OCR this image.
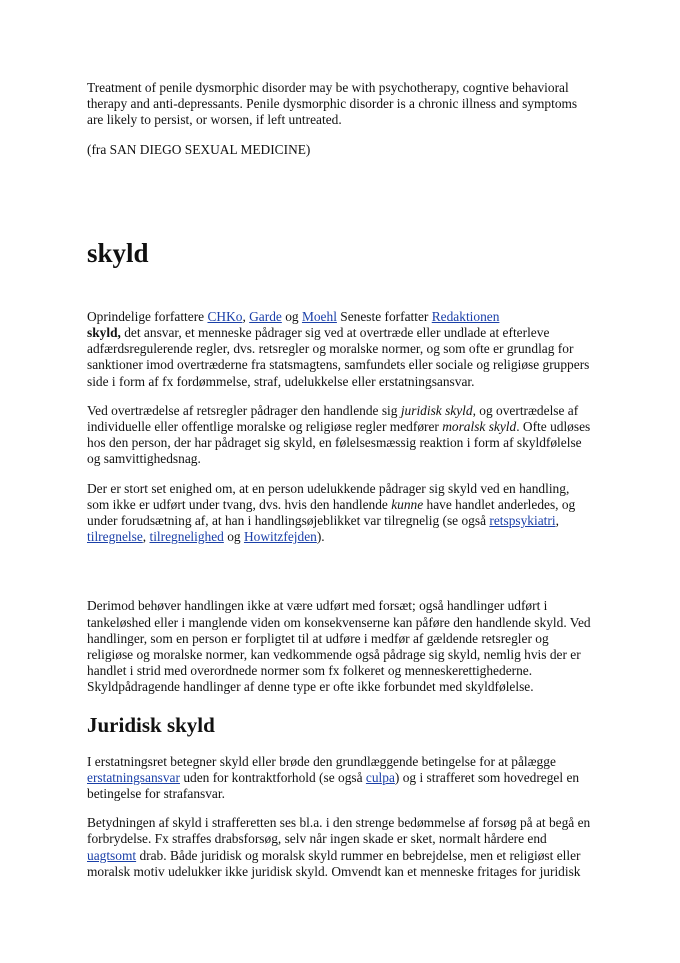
Treatment of penile dysmorphic disorder may be with psychotherapy, cogntive behavioral therapy and anti-depressants. Penile dysmorphic disorder is a chronic illness and symptoms are likely to persist, or worsen, if left untreated.

(fra SAN DIEGO SEXUAL MEDICINE)

skyld

Oprindelige forfattere CHKo, Garde og Moehl Seneste forfatter Redaktionen

skyld, det ansvar, et menneske pådrager sig ved at overtræde eller undlade at efterleve adfærdsregulerende regler, dvs. retsregler og moralske normer, og som ofte er grundlag for sanktioner imod overtræderne fra statsmagtens, samfundets eller sociale og religiøse gruppers side i form af fx fordømmelse, straf, udelukkelse eller erstatningsansvar.

Ved overtrædelse af retsregler pådrager den handlende sig juridisk skyld, og overtrædelse af individuelle eller offentlige moralske og religiøse regler medfører moralsk skyld. Ofte udløses hos den person, der har pådraget sig skyld, en følelsesmæssig reaktion i form af skyldfølelse og samvittighedsnag.

Der er stort set enighed om, at en person udelukkende pådrager sig skyld ved en handling, som ikke er udført under tvang, dvs. hvis den handlende kunne have handlet anderledes, og under forudsætning af, at han i handlingsøjeblikket var tilregnelig (se også retspsykiatri, tilregnelse, tilregnelighed og Howitzfejden).

Derimod behøver handlingen ikke at være udført med forsæt; også handlinger udført i tankeløshed eller i manglende viden om konsekvenserne kan påføre den handlende skyld. Ved handlinger, som en person er forpligtet til at udføre i medfør af gældende retsregler og religiøse og moralske normer, kan vedkommende også pådrage sig skyld, nemlig hvis der er handlet i strid med overordnede normer som fx folkeret og menneskerettighederne. Skyldpådragende handlinger af denne type er ofte ikke forbundet med skyldfølelse.

Juridisk skyld

I erstatningsret betegner skyld eller brøde den grundlæggende betingelse for at pålægge erstatningsansvar uden for kontraktforhold (se også culpa) og i strafferet som hovedregel en betingelse for strafansvar.

Betydningen af skyld i strafferetten ses bl.a. i den strenge bedømmelse af forsøg på at begå en forbrydelse. Fx straffes drabsforsøg, selv når ingen skade er sket, normalt hårdere end uagtsomt drab. Både juridisk og moralsk skyld rummer en bebrejdelse, men et religiøst eller moralsk motiv udelukker ikke juridisk skyld. Omvendt kan et menneske fritages for juridisk
